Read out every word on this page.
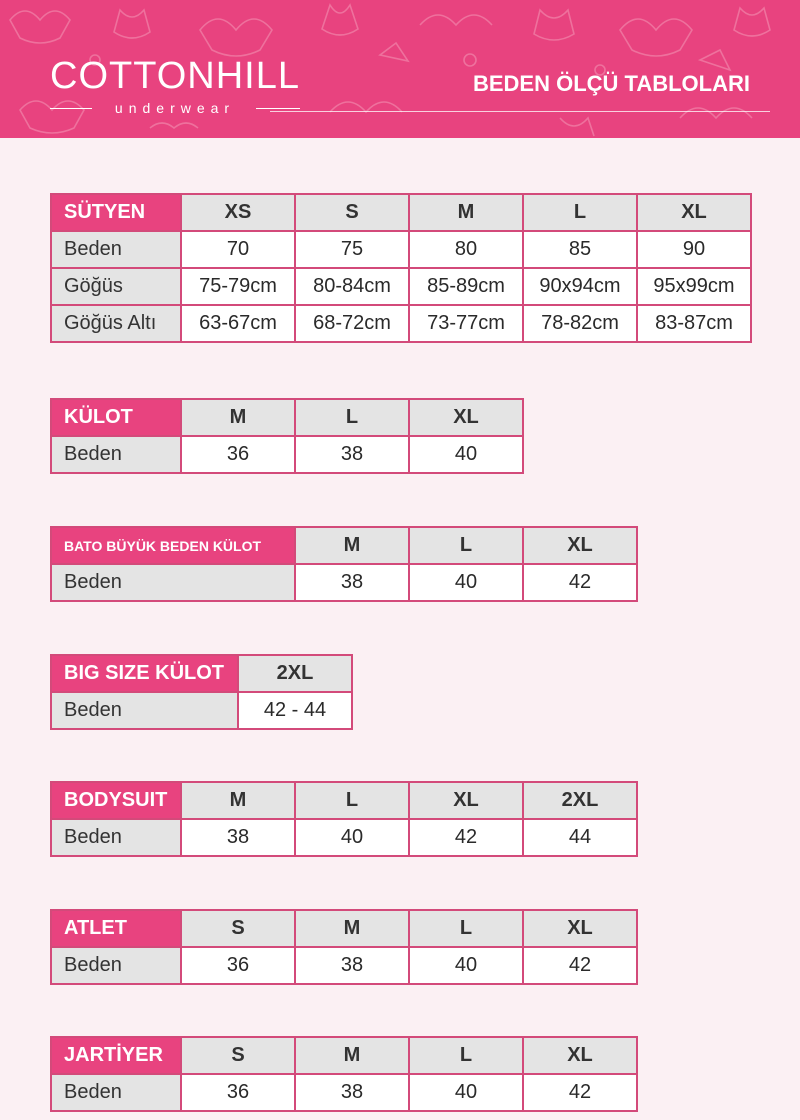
COTTONHILL
underwear
BEDEN ÖLÇÜ TABLOLARI
SÜTYEN	XS	S	M	L	XL
Beden	70	75	80	85	90
Göğüs	75-79cm	80-84cm	85-89cm	90x94cm	95x99cm
Göğüs Altı	63-67cm	68-72cm	73-77cm	78-82cm	83-87cm
KÜLOT	M	L	XL
Beden	36	38	40
BATO BÜYÜK BEDEN KÜLOT	M	L	XL
Beden	38	40	42
BIG SIZE KÜLOT	2XL
Beden	42 - 44
BODYSUIT	M	L	XL	2XL
Beden	38	40	42	44
ATLET	S	M	L	XL
Beden	36	38	40	42
JARTİYER	S	M	L	XL
Beden	36	38	40	42
